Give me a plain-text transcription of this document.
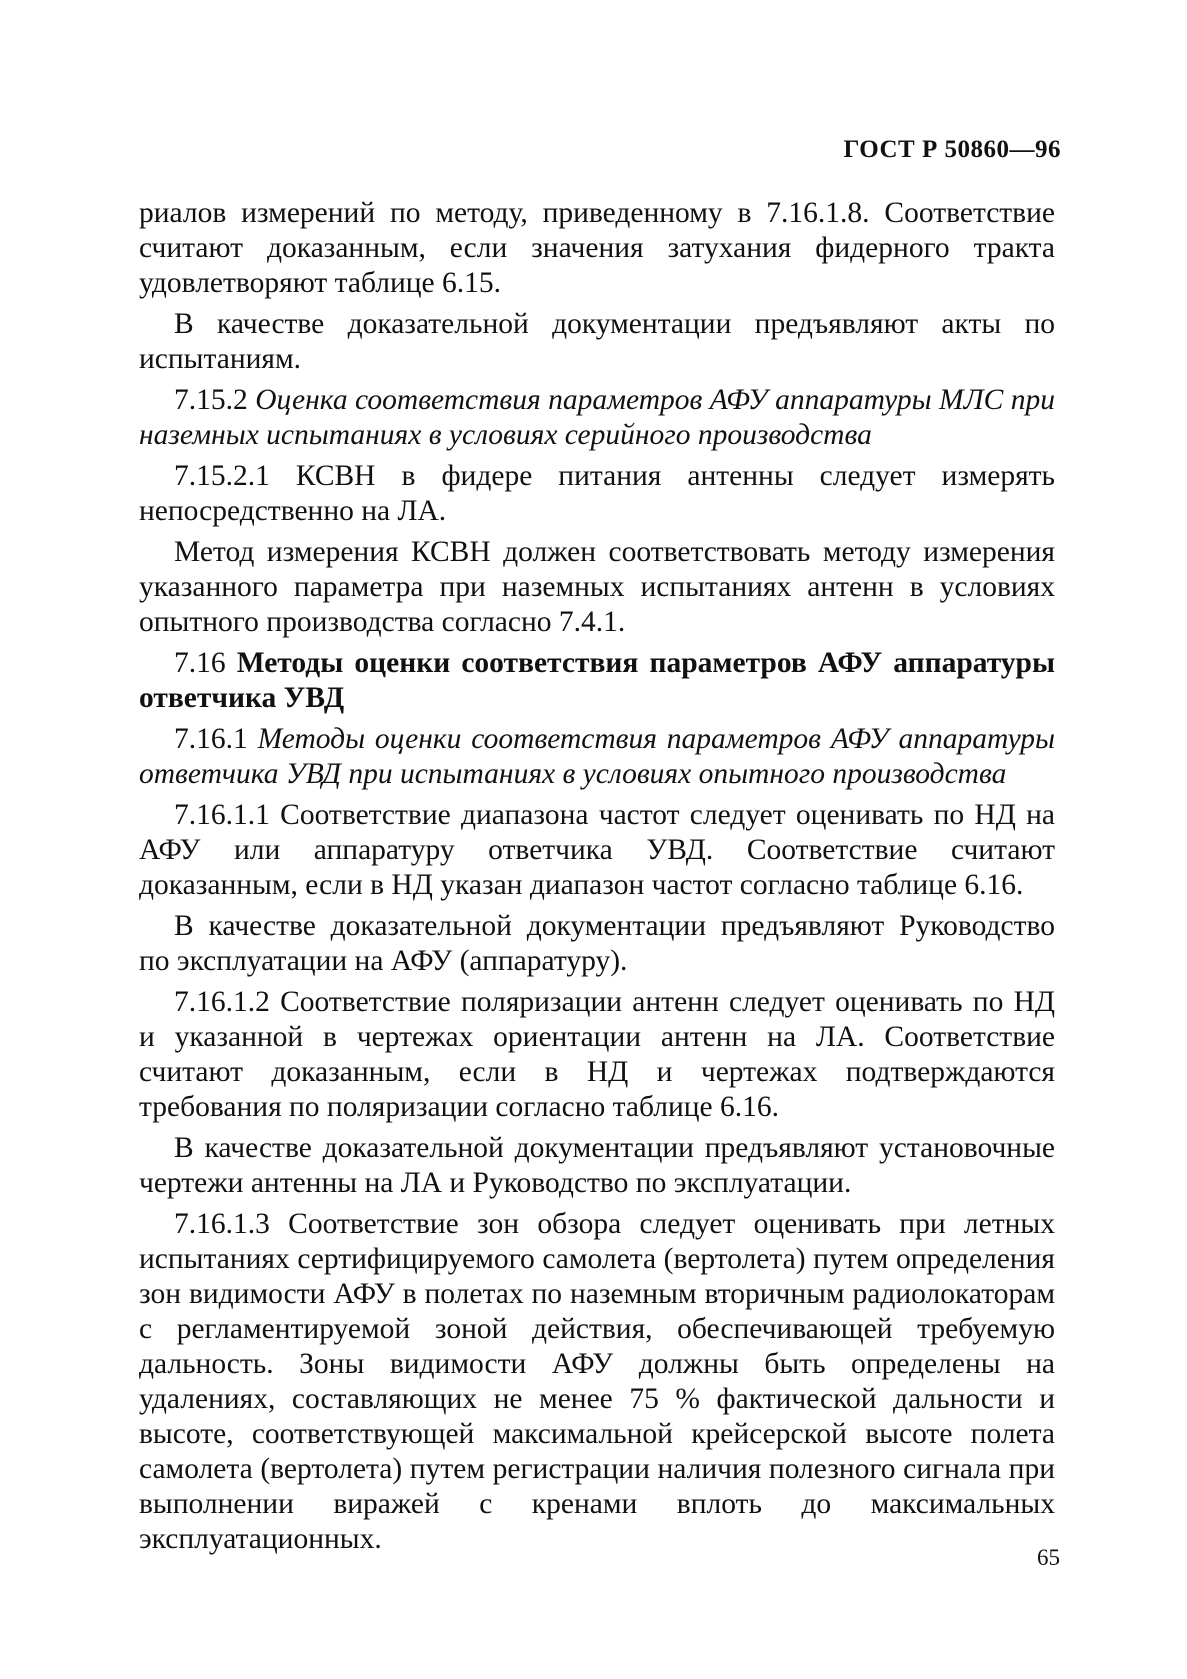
ГОСТ Р 50860—96

риалов измерений по методу, приведенному в 7.16.1.8. Соответствие считают доказанным, если значения затухания фидерного тракта удовлетворяют таблице 6.15.

В качестве доказательной документации предъявляют акты по испытаниям.

7.15.2 Оценка соответствия параметров АФУ аппаратуры МЛС при наземных испытаниях в условиях серийного производства

7.15.2.1 КСВН в фидере питания антенны следует измерять непосредственно на ЛА.

Метод измерения КСВН должен соответствовать методу измерения указанного параметра при наземных испытаниях антенн в условиях опытного производства согласно 7.4.1.

7.16 Методы оценки соответствия параметров АФУ аппаратуры ответчика УВД

7.16.1 Методы оценки соответствия параметров АФУ аппаратуры ответчика УВД при испытаниях в условиях опытного производства

7.16.1.1 Соответствие диапазона частот следует оценивать по НД на АФУ или аппаратуру ответчика УВД. Соответствие считают доказанным, если в НД указан диапазон частот согласно таблице 6.16.

В качестве доказательной документации предъявляют Руководство по эксплуатации на АФУ (аппаратуру).

7.16.1.2 Соответствие поляризации антенн следует оценивать по НД и указанной в чертежах ориентации антенн на ЛА. Соответствие считают доказанным, если в НД и чертежах подтверждаются требования по поляризации согласно таблице 6.16.

В качестве доказательной документации предъявляют установочные чертежи антенны на ЛА и Руководство по эксплуатации.

7.16.1.3 Соответствие зон обзора следует оценивать при летных испытаниях сертифицируемого самолета (вертолета) путем определения зон видимости АФУ в полетах по наземным вторичным радиолокаторам с регламентируемой зоной действия, обеспечивающей требуемую дальность. Зоны видимости АФУ должны быть определены на удалениях, составляющих не менее 75 % фактической дальности и высоте, соответствующей максимальной крейсерской высоте полета самолета (вертолета) путем регистрации наличия полезного сигнала при выполнении виражей с кренами вплоть до максимальных эксплуатационных.

65
